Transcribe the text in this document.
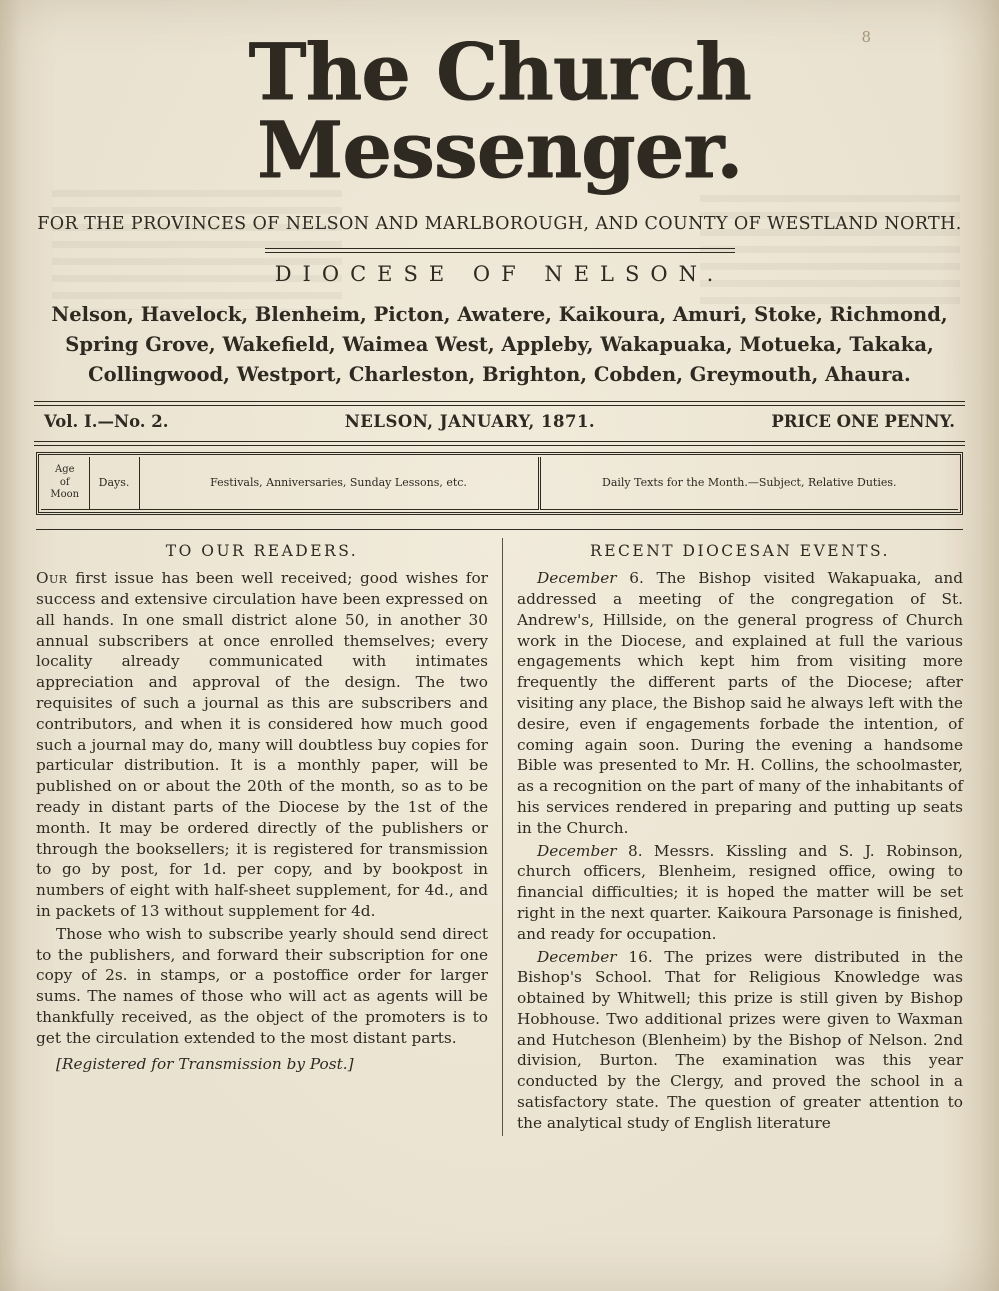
8
The Church Messenger.
FOR THE PROVINCES OF NELSON AND MARLBOROUGH, AND COUNTY OF WESTLAND NORTH.
DIOCESE OF NELSON.
Nelson, Havelock, Blenheim, Picton, Awatere, Kaikoura, Amuri, Stoke, Richmond, Spring Grove, Wakefield, Waimea West, Appleby, Wakapuaka, Motueka, Takaka, Collingwood, Westport, Charleston, Brighton, Cobden, Greymouth, Ahaura.
Vol. I.—No. 2.	NELSON, JANUARY, 1871.	PRICE ONE PENNY.
Age
of
Moon	Days.	Festivals, Anniversaries, Sunday Lessons, etc.	Daily Texts for the Month.—Subject, Relative Duties.
TO OUR READERS.

Our first issue has been well received; good wishes for success and extensive circulation have been expressed on all hands. In one small district alone 50, in another 30 annual subscribers at once enrolled themselves; every locality already communicated with intimates appreciation and approval of the design. The two requisites of such a journal as this are subscribers and contributors, and when it is considered how much good such a journal may do, many will doubtless buy copies for particular distribution. It is a monthly paper, will be published on or about the 20th of the month, so as to be ready in distant parts of the Diocese by the 1st of the month. It may be ordered directly of the publishers or through the booksellers; it is registered for transmission to go by post, for 1d. per copy, and by bookpost in numbers of eight with half-sheet supplement, for 4d., and in packets of 13 without supplement for 4d.

Those who wish to subscribe yearly should send direct to the publishers, and forward their subscription for one copy of 2s. in stamps, or a postoffice order for larger sums. The names of those who will act as agents will be thankfully received, as the object of the promoters is to get the circulation extended to the most distant parts.

[Registered for Transmission by Post.]

RECENT DIOCESAN EVENTS.

December 6. The Bishop visited Wakapuaka, and addressed a meeting of the congregation of St. Andrew's, Hillside, on the general progress of Church work in the Diocese, and explained at full the various engagements which kept him from visiting more frequently the different parts of the Diocese; after visiting any place, the Bishop said he always left with the desire, even if engagements forbade the intention, of coming again soon. During the evening a handsome Bible was presented to Mr. H. Collins, the schoolmaster, as a recognition on the part of many of the inhabitants of his services rendered in preparing and putting up seats in the Church.

December 8. Messrs. Kissling and S. J. Robinson, church officers, Blenheim, resigned office, owing to financial difficulties; it is hoped the matter will be set right in the next quarter. Kaikoura Parsonage is finished, and ready for occupation.

December 16. The prizes were distributed in the Bishop's School. That for Religious Knowledge was obtained by Whitwell; this prize is still given by Bishop Hobhouse. Two additional prizes were given to Waxman and Hutcheson (Blenheim) by the Bishop of Nelson. 2nd division, Burton. The examination was this year conducted by the Clergy, and proved the school in a satisfactory state. The question of greater attention to the analytical study of English literature
